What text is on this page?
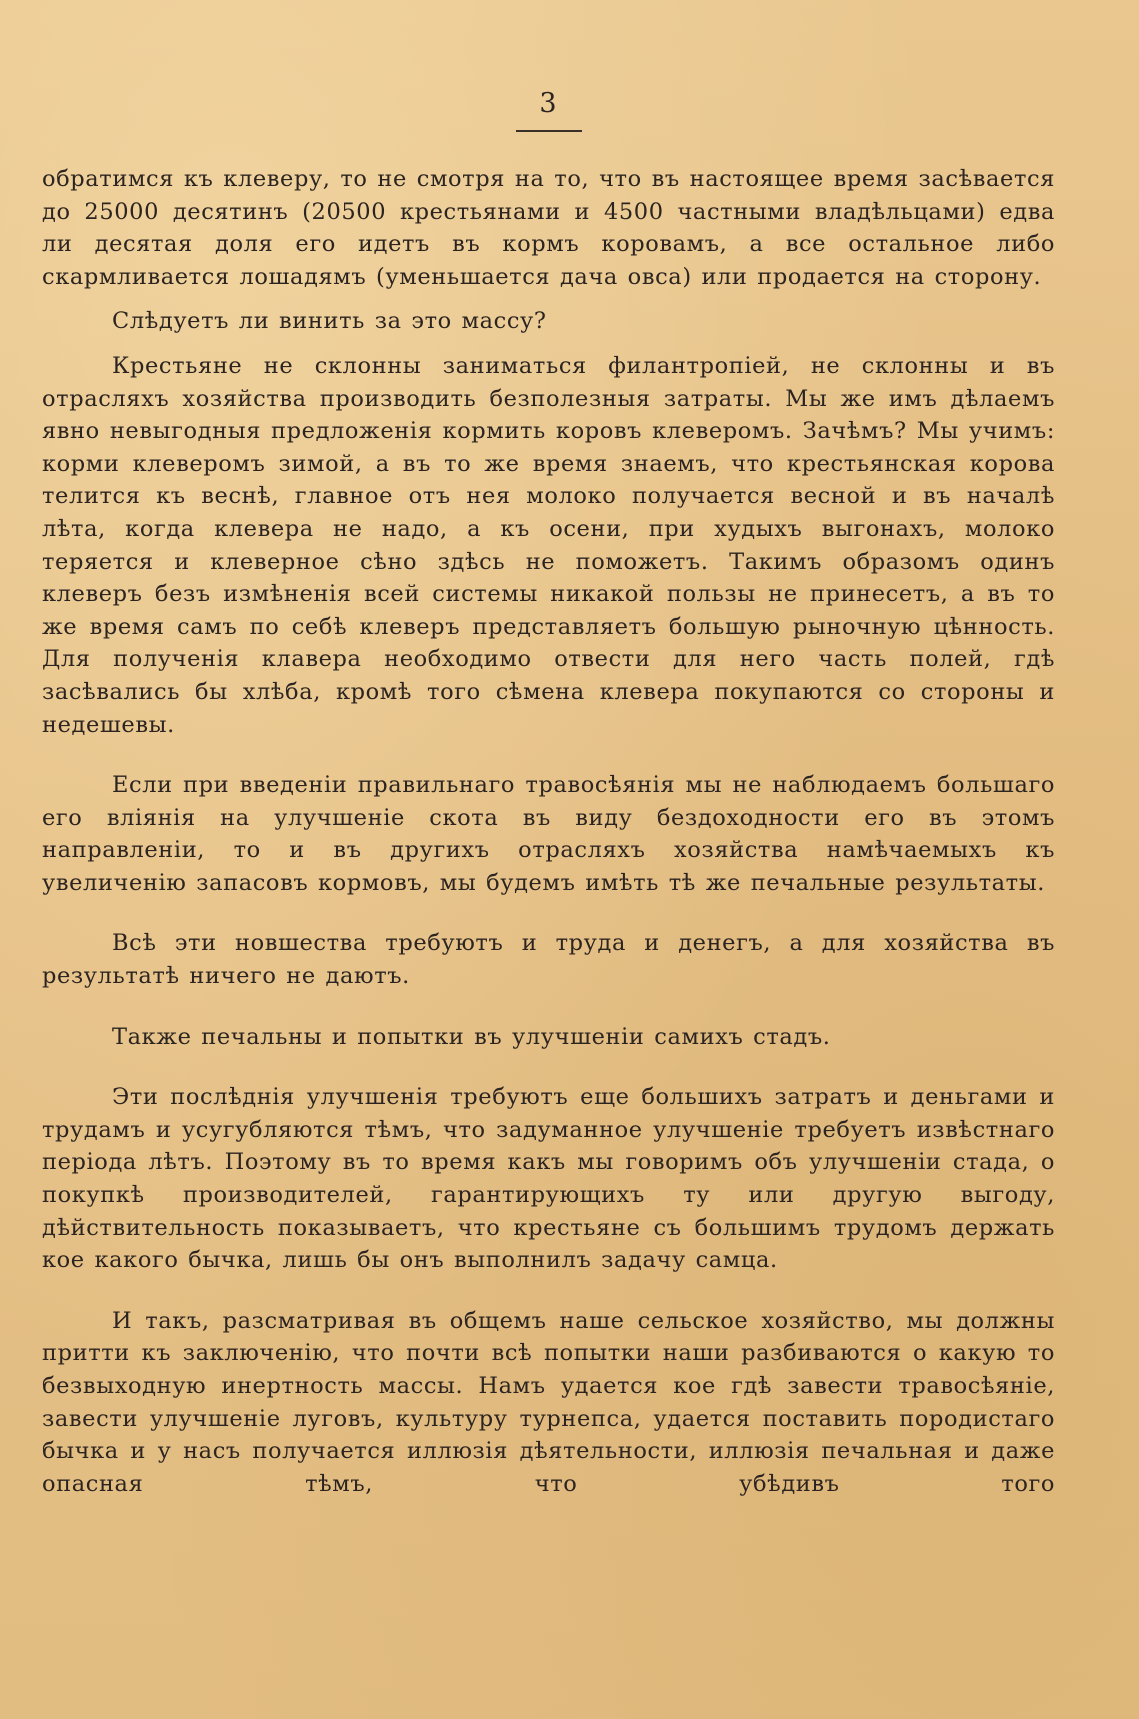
3

обратимся къ клеверу, то не смотря на то, что въ настоящее время засѣвается до 25000 десятинъ (20500 крестьянами и 4500 частными владѣльцами) едва ли десятая доля его идетъ въ кормъ коровамъ, а все остальное либо скармливается лошадямъ (уменьшается дача овса) или продается на сторону.

Слѣдуетъ ли винить за это массу?

Крестьяне не склонны заниматься филантропіей, не склонны и въ отрасляхъ хозяйства производить безполезныя затраты. Мы же имъ дѣлаемъ явно невыгодныя предложенія кормить коровъ клеверомъ. Зачѣмъ? Мы учимъ: корми клеверомъ зимой, а въ то же время знаемъ, что крестьянская корова телится къ веснѣ, главное отъ нея молоко получается весной и въ началѣ лѣта, когда клевера не надо, а къ осени, при худыхъ выгонахъ, молоко теряется и клеверное сѣно здѣсь не поможетъ. Такимъ образомъ одинъ клеверъ безъ измѣненія всей системы никакой пользы не принесетъ, а въ то же время самъ по себѣ клеверъ представляетъ большую рыночную цѣнность. Для полученія клавера необходимо отвести для него часть полей, гдѣ засѣвались бы хлѣба, кромѣ того сѣмена клевера покупаются со стороны и недешевы.

Если при введеніи правильнаго травосѣянія мы не наблюдаемъ большаго его вліянія на улучшеніе скота въ виду бездоходности его въ этомъ направленіи, то и въ другихъ отрасляхъ хозяйства намѣчаемыхъ къ увеличенію запасовъ кормовъ, мы будемъ имѣть тѣ же печальные результаты.

Всѣ эти новшества требуютъ и труда и денегъ, а для хозяйства въ результатѣ ничего не даютъ.

Также печальны и попытки въ улучшеніи самихъ стадъ.

Эти послѣднія улучшенія требуютъ еще большихъ затратъ и деньгами и трудамъ и усугубляются тѣмъ, что задуманное улучшеніе требуетъ извѣстнаго періода лѣтъ. Поэтому въ то время какъ мы говоримъ объ улучшеніи стада, о покупкѣ производителей, гарантирующихъ ту или другую выгоду, дѣйствительность показываетъ, что крестьяне съ большимъ трудомъ держать кое какого бычка, лишь бы онъ выполнилъ задачу самца.

И такъ, разсматривая въ общемъ наше сельское хозяйство, мы должны притти къ заключенію, что почти всѣ попытки наши разбиваются о какую то безвыходную инертность массы. Намъ удается кое гдѣ завести травосѣяніе, завести улучшеніе луговъ, культуру турнепса, удается поставить породистаго бычка и у насъ получается иллюзія дѣятельности, иллюзія печальная и даже опасная тѣмъ, что убѣдивъ того
